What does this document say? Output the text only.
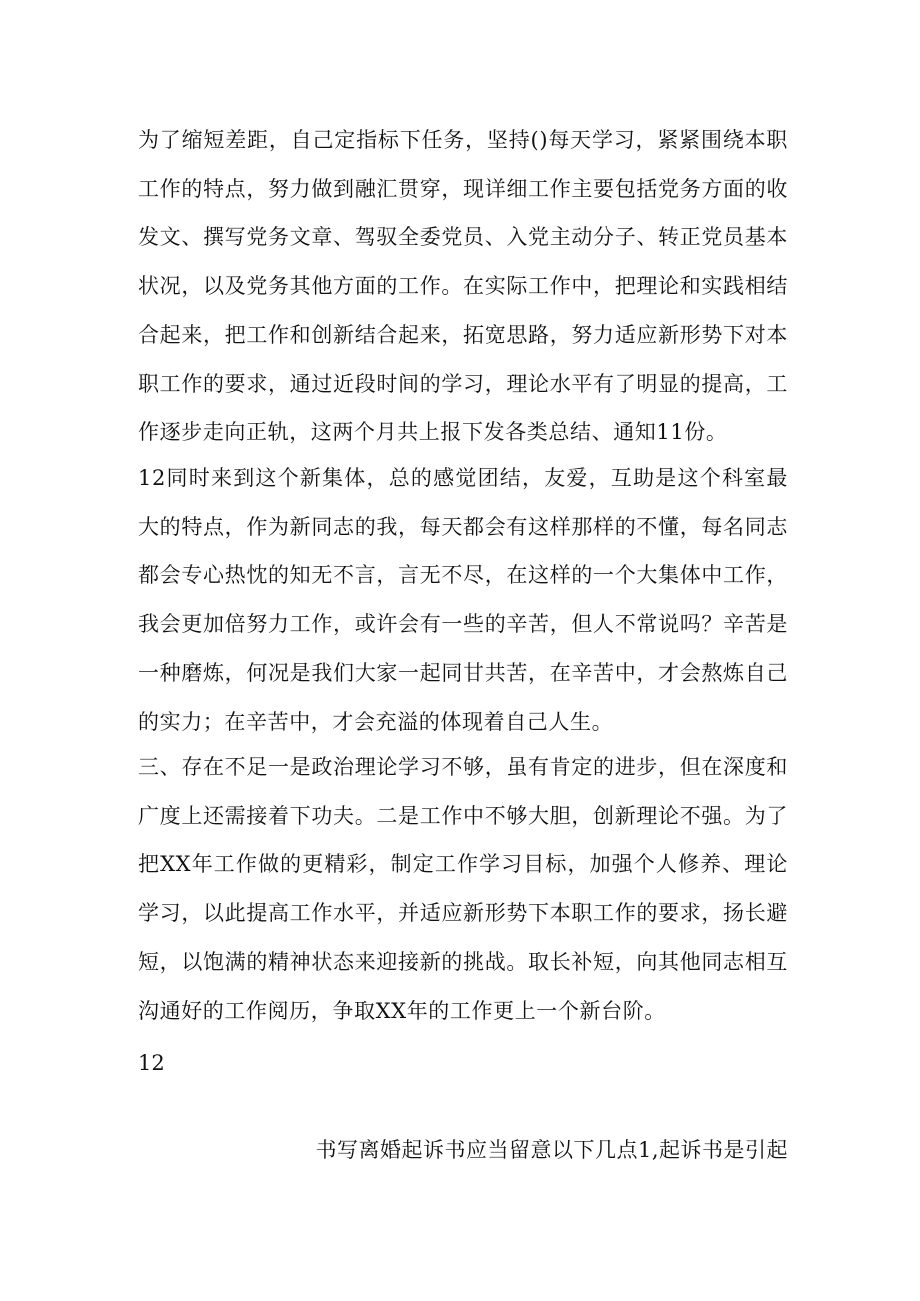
为了缩短差距，自己定指标下任务，坚持()每天学习，紧紧围绕本职工作的特点，努力做到融汇贯穿，现详细工作主要包括党务方面的收发文、撰写党务文章、驾驭全委党员、入党主动分子、转正党员基本状况，以及党务其他方面的工作。在实际工作中，把理论和实践相结合起来，把工作和创新结合起来，拓宽思路，努力适应新形势下对本职工作的要求，通过近段时间的学习，理论水平有了明显的提高，工作逐步走向正轨，这两个月共上报下发各类总结、通知11份。

12同时来到这个新集体，总的感觉团结，友爱，互助是这个科室最大的特点，作为新同志的我，每天都会有这样那样的不懂，每名同志都会专心热忱的知无不言，言无不尽，在这样的一个大集体中工作，我会更加倍努力工作，或许会有一些的辛苦，但人不常说吗？辛苦是一种磨炼，何况是我们大家一起同甘共苦，在辛苦中，才会熬炼自己的实力；在辛苦中，才会充溢的体现着自己人生。

三、存在不足一是政治理论学习不够，虽有肯定的进步，但在深度和广度上还需接着下功夫。二是工作中不够大胆，创新理论不强。为了把XX年工作做的更精彩，制定工作学习目标，加强个人修养、理论学习，以此提高工作水平，并适应新形势下本职工作的要求，扬长避短，以饱满的精神状态来迎接新的挑战。取长补短，向其他同志相互沟通好的工作阅历，争取XX年的工作更上一个新台阶。

12

书写离婚起诉书应当留意以下几点1,起诉书是引起
